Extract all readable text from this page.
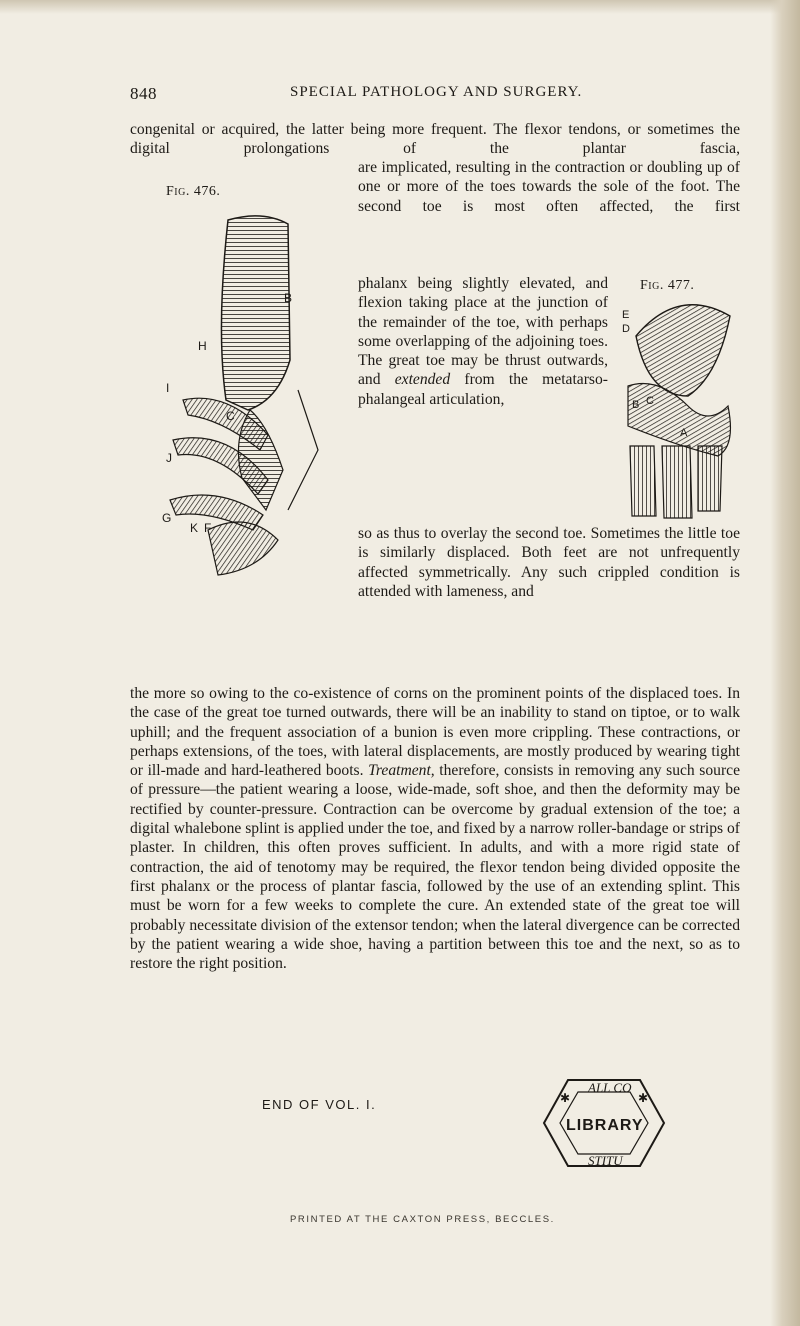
848	SPECIAL PATHOLOGY AND SURGERY.

congenital or acquired, the latter being more frequent. The flexor tendons, or sometimes the digital prolongations of the plantar fascia,

Fig. 476.

are implicated, resulting in the contraction or doubling up of one or more of the toes towards the sole of the foot. The second toe is most often affected, the first

Fig. 477.

phalanx being slightly elevated, and flexion taking place at the junction of the remainder of the toe, with perhaps some overlapping of the adjoining toes. The great toe may be thrust outwards, and extended from the metatarso-phalangeal articulation,

so as thus to overlay the second toe. Sometimes the little toe is similarly displaced. Both feet are not unfrequently affected symmetrically. Any such crippled condition is attended with lameness, and

the more so owing to the co-existence of corns on the prominent points of the displaced toes. In the case of the great toe turned outwards, there will be an inability to stand on tiptoe, or to walk uphill; and the frequent association of a bunion is even more crippling. These contractions, or perhaps extensions, of the toes, with lateral displacements, are mostly produced by wearing tight or ill-made and hard-leathered boots. Treatment, therefore, consists in removing any such source of pressure—the patient wearing a loose, wide-made, soft shoe, and then the deformity may be rectified by counter-pressure. Contraction can be overcome by gradual extension of the toe; a digital whalebone splint is applied under the toe, and fixed by a narrow roller-bandage or strips of plaster. In children, this often proves sufficient. In adults, and with a more rigid state of contraction, the aid of tenotomy may be required, the flexor tendon being divided opposite the first phalanx or the process of plantar fascia, followed by the use of an extending splint. This must be worn for a few weeks to complete the cure. An extended state of the great toe will probably necessitate division of the extensor tendon; when the lateral divergence can be corrected by the patient wearing a wide shoe, having a partition between this toe and the next, so as to restore the right position.

B
H
C
I
J
G
K F
E
D
B C
A
END OF VOL. I.
ALL CO
LIBRARY
STITU
✱	✱
PRINTED AT THE CAXTON PRESS, BECCLES.
